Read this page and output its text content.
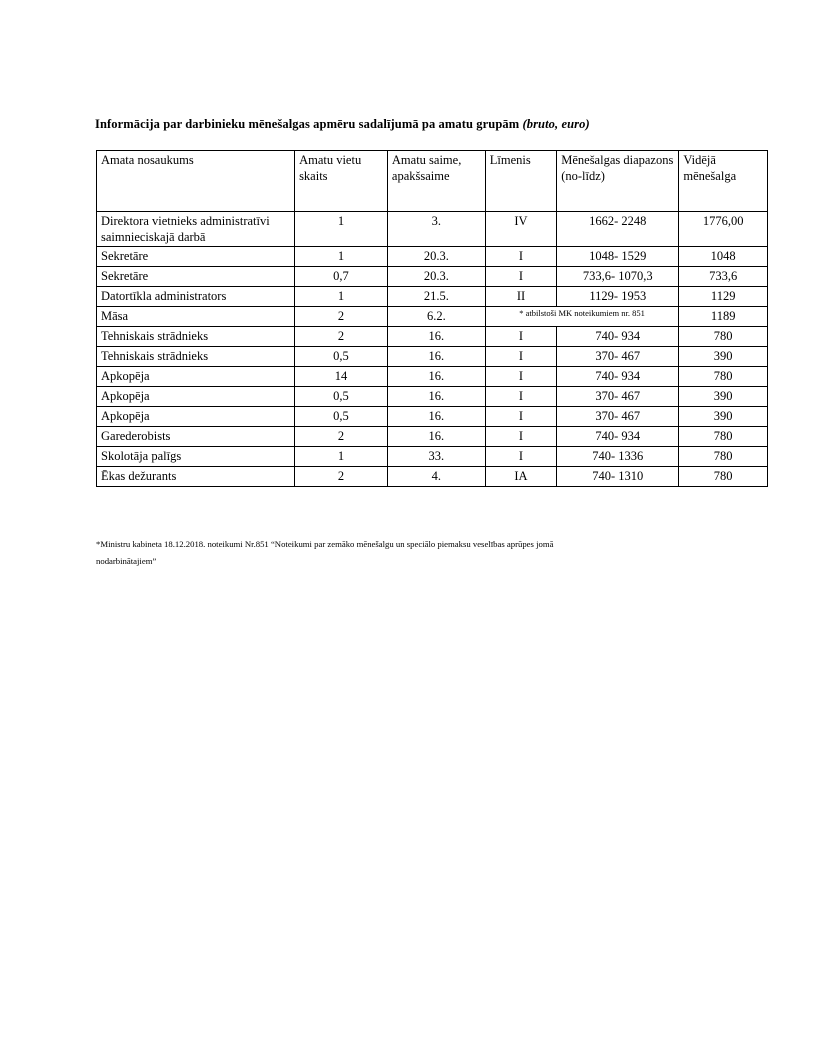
Informācija par darbinieku mēnešalgas apmēru sadalījumā pa amatu grupām (bruto, euro)
Amata nosaukums	Amatu vietu skaits	Amatu saime, apakšsaime	Līmenis	Mēnešalgas diapazons (no-līdz)	Vidējā mēnešalga
Direktora vietnieks administratīvi saimnieciskajā darbā	1	3.	IV	1662- 2248	1776,00
Sekretāre	1	20.3.	I	1048- 1529	1048
Sekretāre	0,7	20.3.	I	733,6- 1070,3	733,6
Datortīkla administrators	1	21.5.	II	1129- 1953	1129
Māsa	2	6.2.	* atbilstoši MK noteikumiem nr. 851		1189
Tehniskais strādnieks	2	16.	I	740- 934	780
Tehniskais strādnieks	0,5	16.	I	370- 467	390
Apkopēja	14	16.	I	740- 934	780
Apkopēja	0,5	16.	I	370- 467	390
Apkopēja	0,5	16.	I	370- 467	390
Garederobists	2	16.	I	740- 934	780
Skolotāja palīgs	1	33.	I	740- 1336	780
Ēkas dežurants	2	4.	IA	740- 1310	780
*Ministru kabineta 18.12.2018. noteikumi Nr.851 “Noteikumi par zemāko mēnešalgu un speciālo piemaksu veselības aprūpes jomā
nodarbinātajiem”
